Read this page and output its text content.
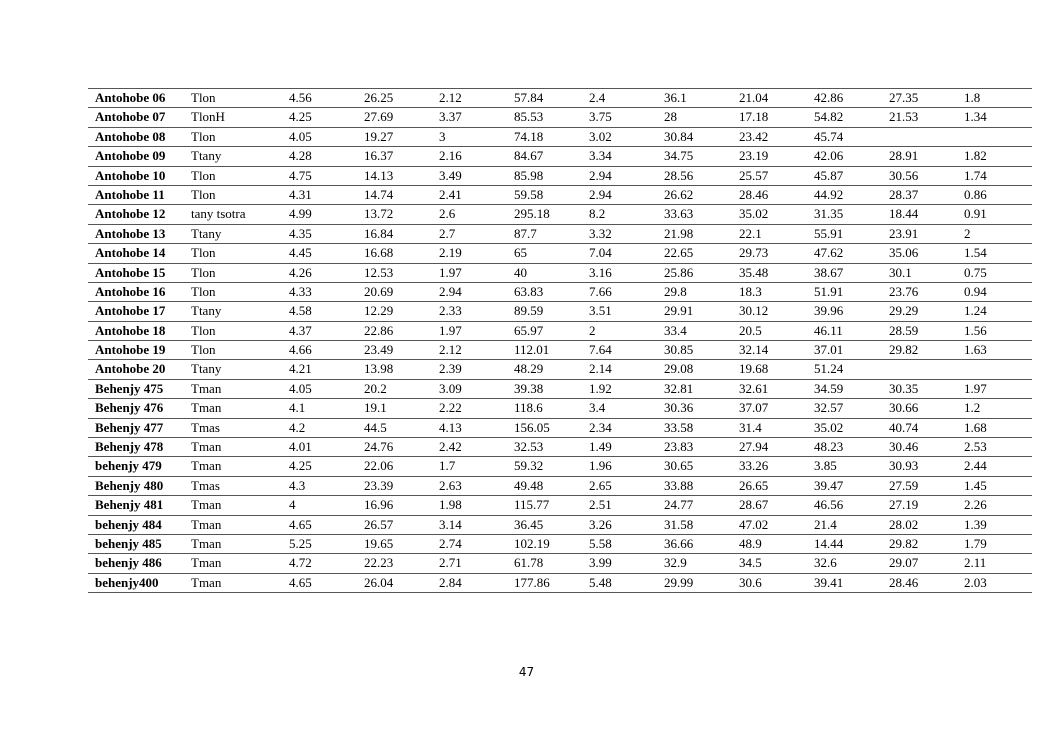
Antohobe 06 Tlon	4.56	26.25	2.12	57.84	2.4	36.1	21.04	42.86	27.35	1.8
Antohobe 07 TlonH	4.25	27.69	3.37	85.53	3.75	28	17.18	54.82	21.53	1.34
Antohobe 08 Tlon	4.05	19.27	3	74.18	3.02	30.84	23.42	45.74
Antohobe 09 Ttany	4.28	16.37	2.16	84.67	3.34	34.75	23.19	42.06	28.91	1.82
Antohobe 10 Tlon	4.75	14.13	3.49	85.98	2.94	28.56	25.57	45.87	30.56	1.74
Antohobe 11 Tlon	4.31	14.74	2.41	59.58	2.94	26.62	28.46	44.92	28.37	0.86
Antohobe 12 tany tsotra	4.99	13.72	2.6	295.18	8.2	33.63	35.02	31.35	18.44	0.91
Antohobe 13 Ttany	4.35	16.84	2.7	87.7	3.32	21.98	22.1	55.91	23.91	2
Antohobe 14 Tlon	4.45	16.68	2.19	65	7.04	22.65	29.73	47.62	35.06	1.54
Antohobe 15 Tlon	4.26	12.53	1.97	40	3.16	25.86	35.48	38.67	30.1	0.75
Antohobe 16 Tlon	4.33	20.69	2.94	63.83	7.66	29.8	18.3	51.91	23.76	0.94
Antohobe 17 Ttany	4.58	12.29	2.33	89.59	3.51	29.91	30.12	39.96	29.29	1.24
Antohobe 18 Tlon	4.37	22.86	1.97	65.97	2	33.4	20.5	46.11	28.59	1.56
Antohobe 19 Tlon	4.66	23.49	2.12	112.01	7.64	30.85	32.14	37.01	29.82	1.63
Antohobe 20 Ttany	4.21	13.98	2.39	48.29	2.14	29.08	19.68	51.24
Behenjy 475 Tman	4.05	20.2	3.09	39.38	1.92	32.81	32.61	34.59	30.35	1.97
Behenjy 476 Tman	4.1	19.1	2.22	118.6	3.4	30.36	37.07	32.57	30.66	1.2
Behenjy 477 Tmas	4.2	44.5	4.13	156.05	2.34	33.58	31.4	35.02	40.74	1.68
Behenjy 478 Tman	4.01	24.76	2.42	32.53	1.49	23.83	27.94	48.23	30.46	2.53
behenjy 479 Tman	4.25	22.06	1.7	59.32	1.96	30.65	33.26	3.85	30.93	2.44
Behenjy 480 Tmas	4.3	23.39	2.63	49.48	2.65	33.88	26.65	39.47	27.59	1.45
Behenjy 481 Tman	4	16.96	1.98	115.77	2.51	24.77	28.67	46.56	27.19	2.26
behenjy 484 Tman	4.65	26.57	3.14	36.45	3.26	31.58	47.02	21.4	28.02	1.39
behenjy 485 Tman	5.25	19.65	2.74	102.19	5.58	36.66	48.9	14.44	29.82	1.79
behenjy 486 Tman	4.72	22.23	2.71	61.78	3.99	32.9	34.5	32.6	29.07	2.11
behenjy400 Tman	4.65	26.04	2.84	177.86	5.48	29.99	30.6	39.41	28.46	2.03
47
